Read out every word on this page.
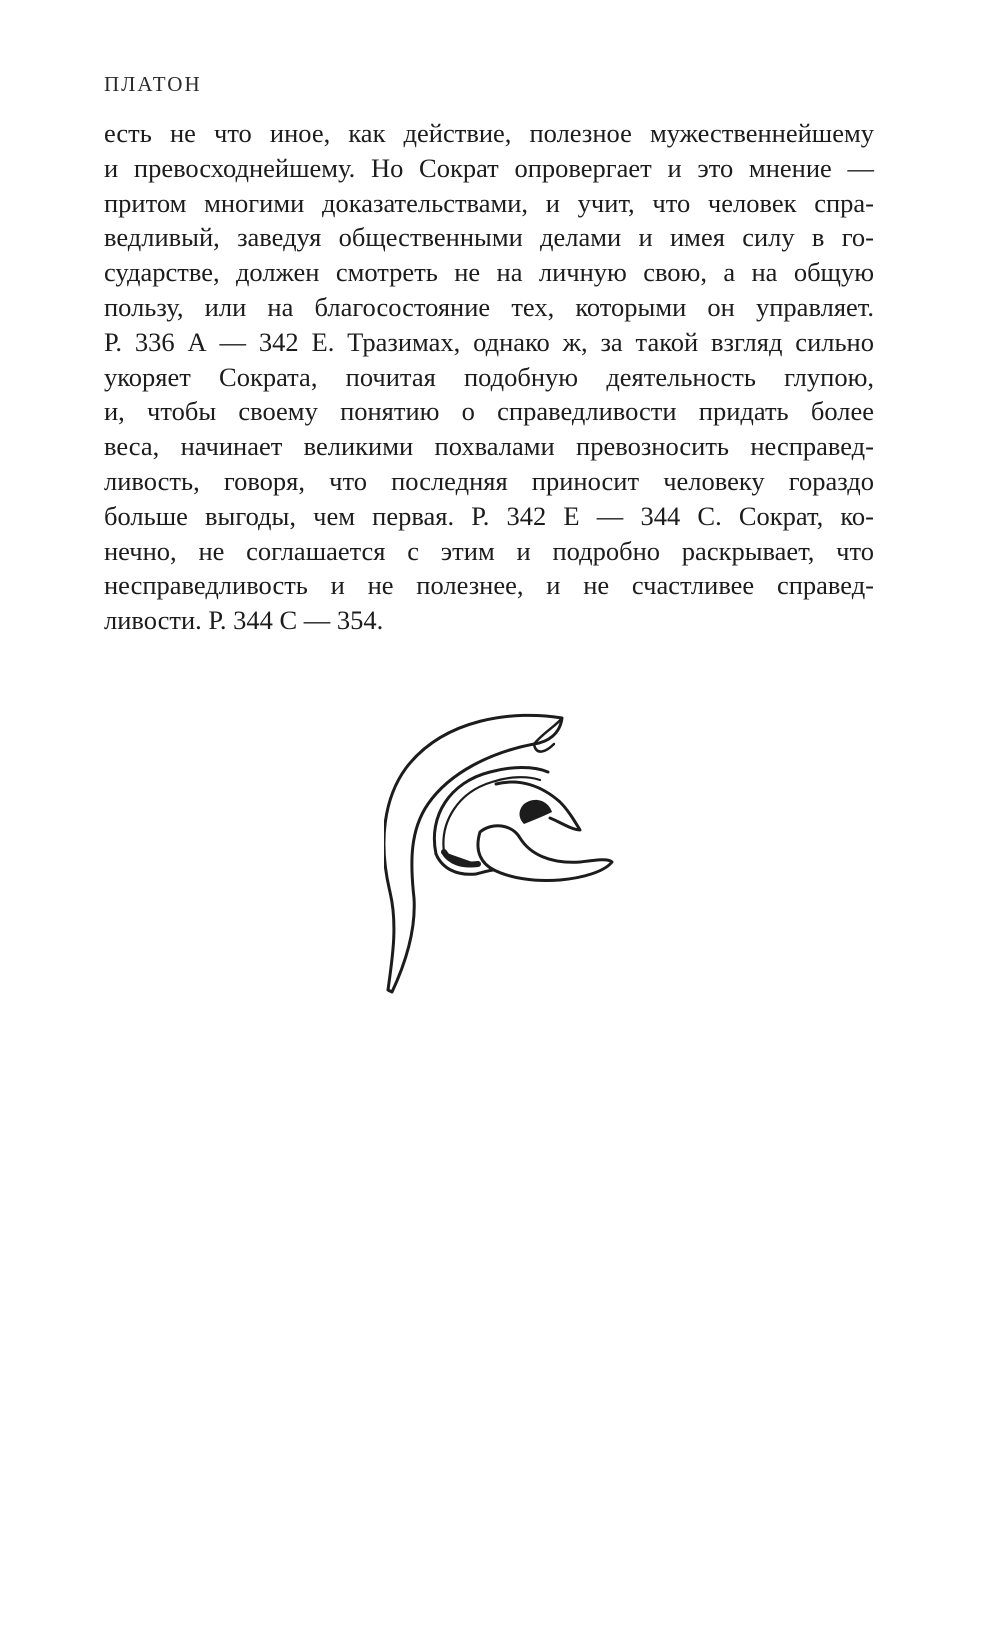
ПЛАТОН
есть не что иное, как действие, полезное мужественнейшему
и превосходнейшему. Но Сократ опровергает и это мнение —
притом многими доказательствами, и учит, что человек спра-
ведливый, заведуя общественными делами и имея силу в го-
сударстве, должен смотреть не на личную свою, а на общую
пользу, или на благосостояние тех, которыми он управляет.
Р. 336 А — 342 Е. Тразимах, однако ж, за такой взгляд сильно
укоряет Сократа, почитая подобную деятельность глупою,
и, чтобы своему понятию о справедливости придать более
веса, начинает великими похвалами превозносить несправед-
ливость, говоря, что последняя приносит человеку гораздо
больше выгоды, чем первая. Р. 342 Е — 344 С. Сократ, ко-
нечно, не соглашается с этим и подробно раскрывает, что
несправедливость и не полезнее, и не счастливее справед-
ливости. Р. 344 С — 354.
